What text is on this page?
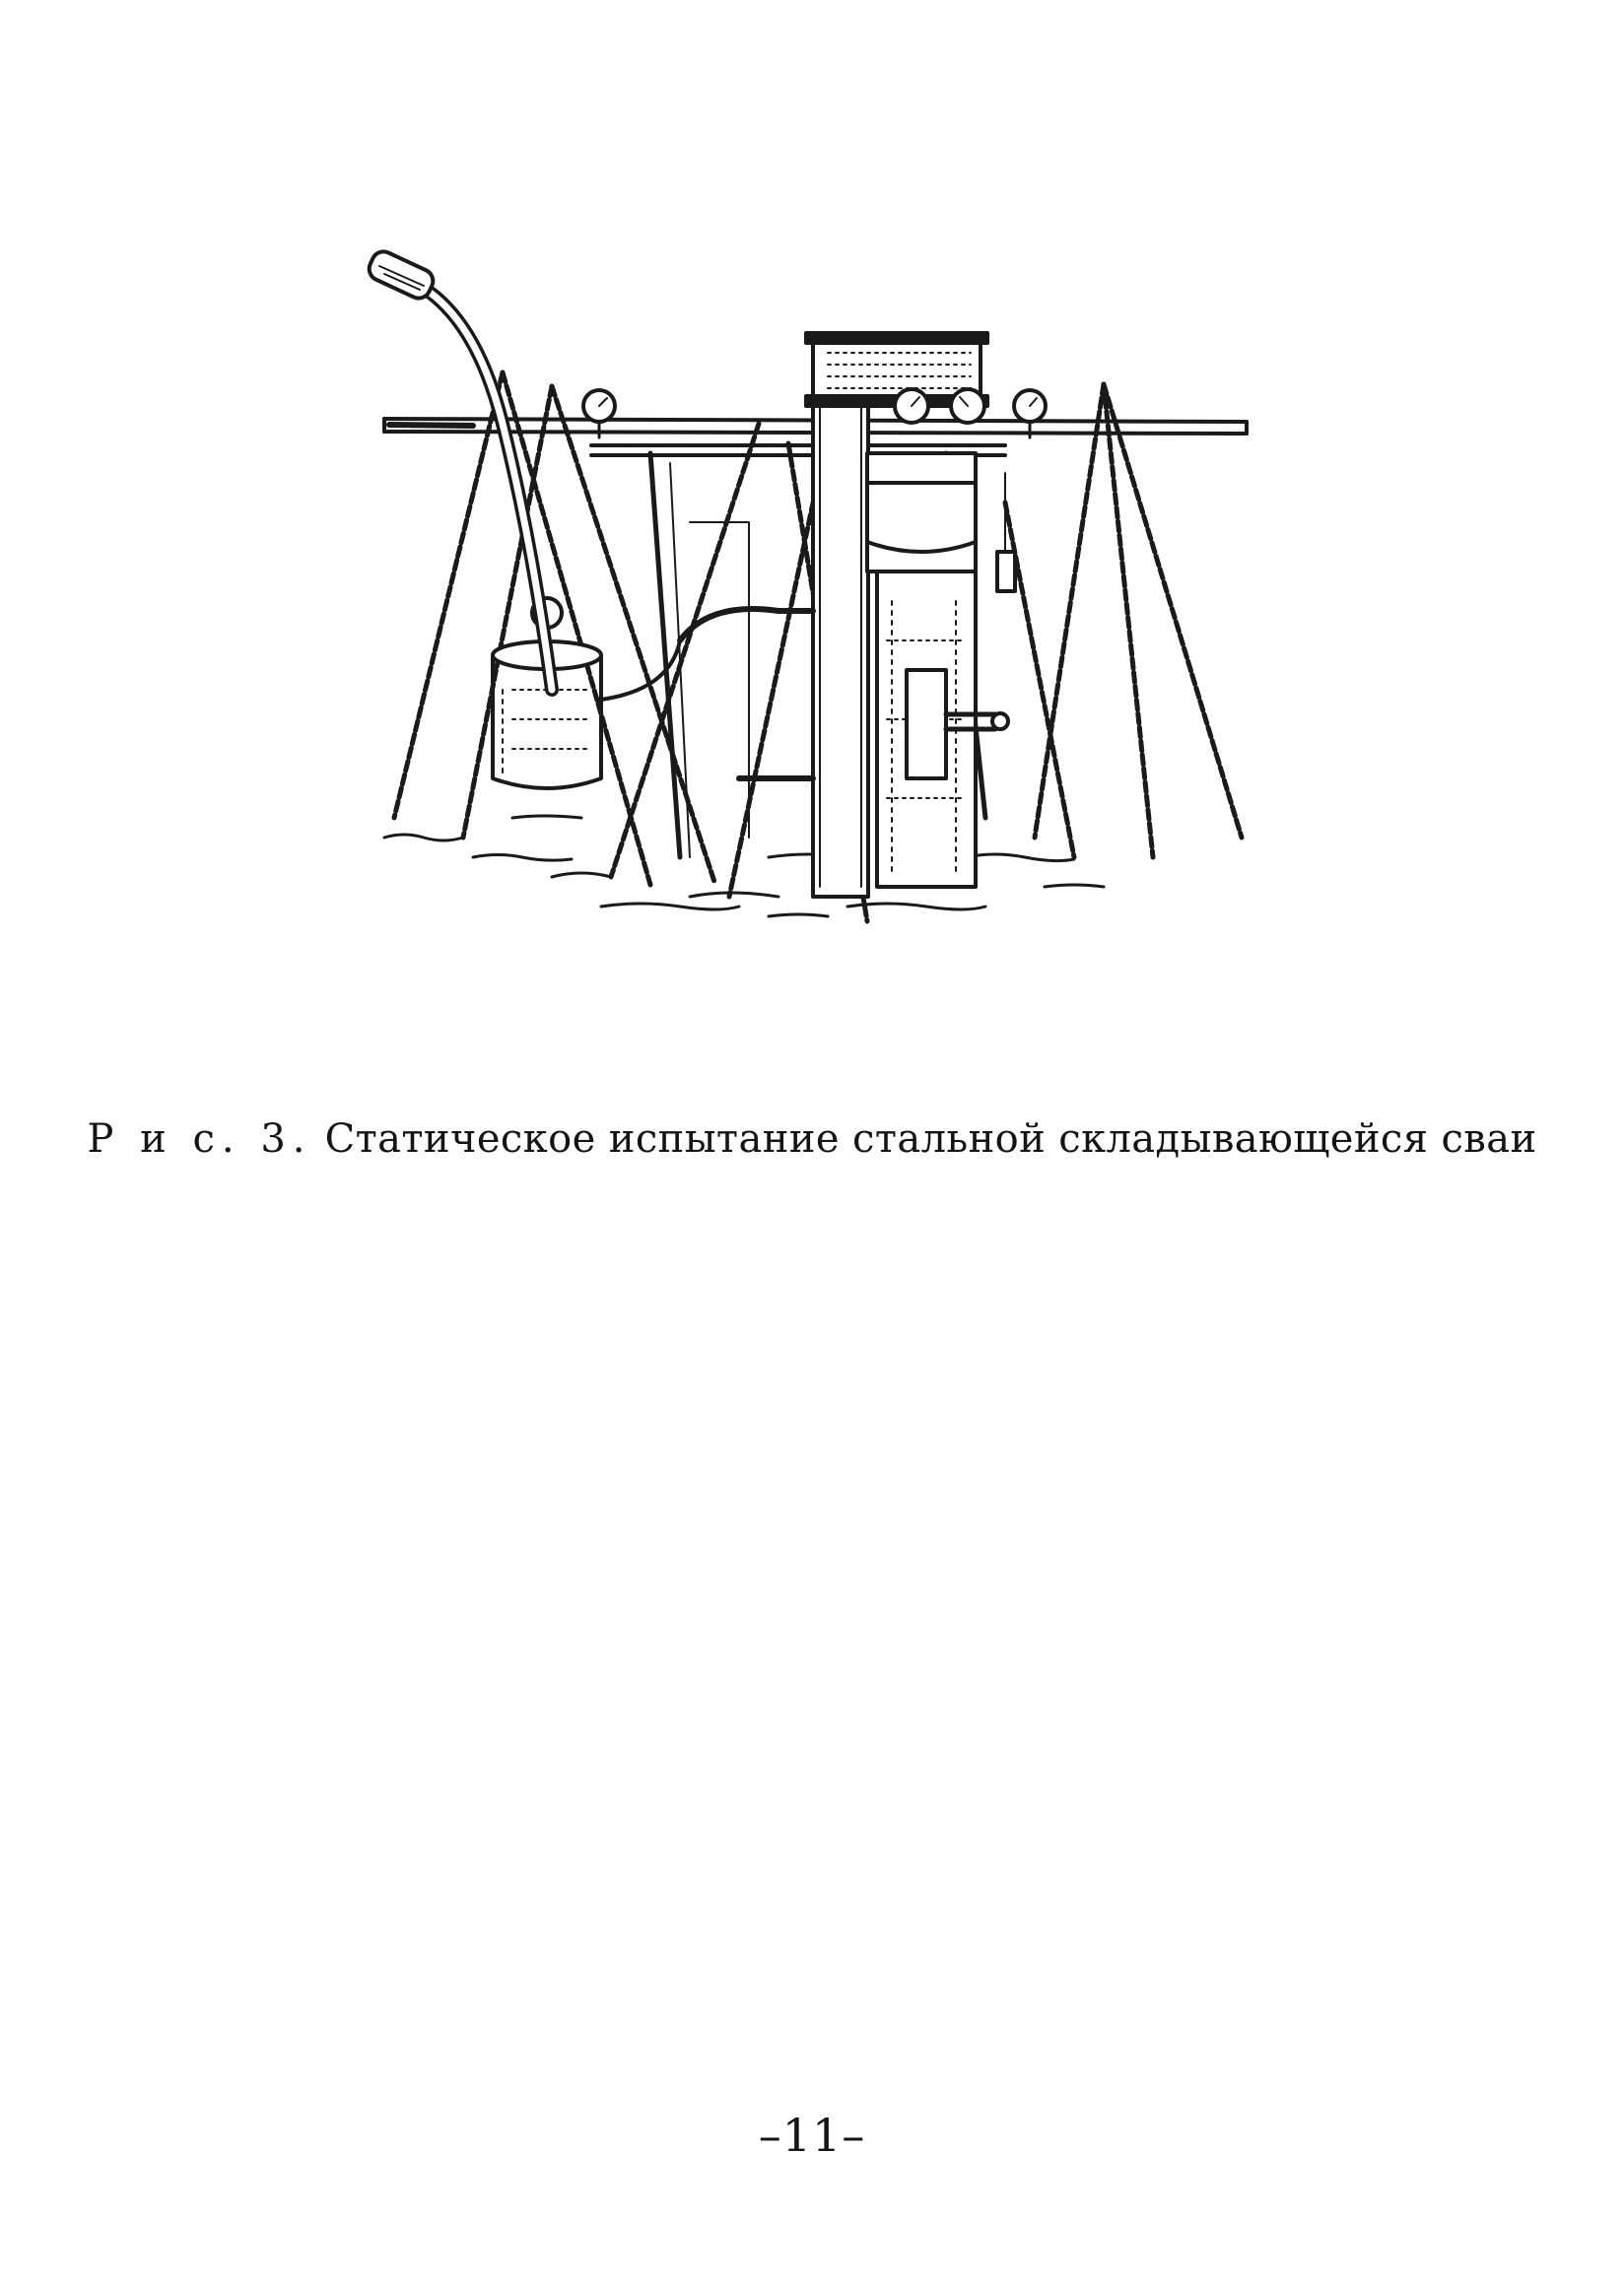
Р и с. 3. Статическое испытание стальной складывающейся сваи
–11–
